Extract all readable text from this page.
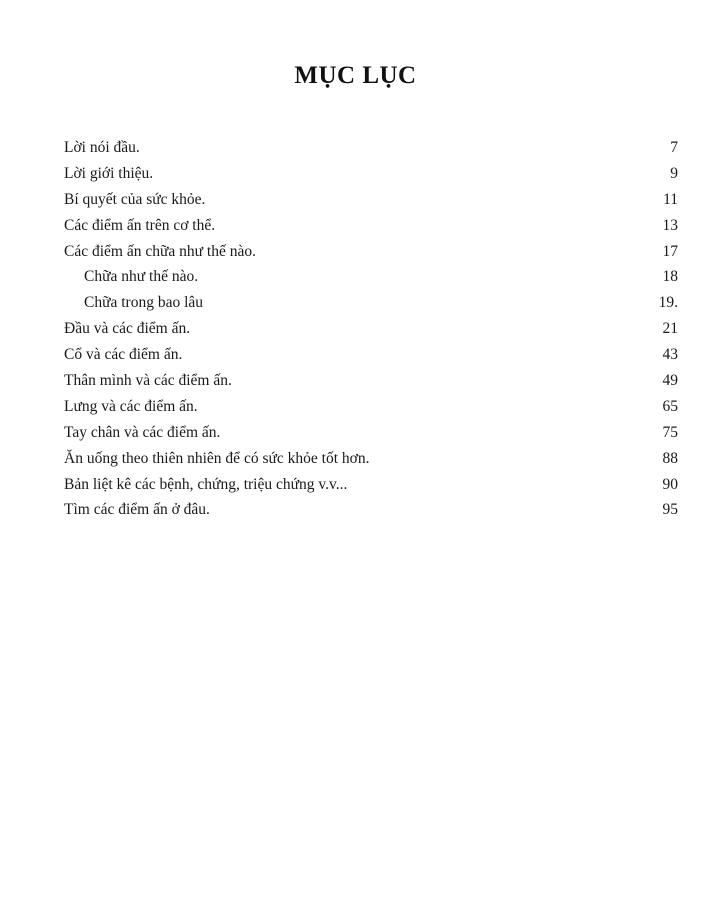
MỤC LỤC
Lời nói đầu.	7
Lời giới thiệu.	9
Bí quyết của sức khỏe.	11
Các điểm ấn trên cơ thể.	13
Các điểm ấn chữa như thế nào.	17
Chữa như thế nào.	18
Chữa trong bao lâu	19.
Đầu và các điểm ấn.	21
Cổ và các điểm ấn.	43
Thân mình và các điểm ấn.	49
Lưng và các điểm ấn.	65
Tay chân và các điểm ấn.	75
Ăn uống theo thiên nhiên để có sức khỏe tốt hơn.	88
Bản liệt kê các bệnh, chứng, triệu chứng v.v...	90
Tìm các điểm ấn ở đâu.	95
